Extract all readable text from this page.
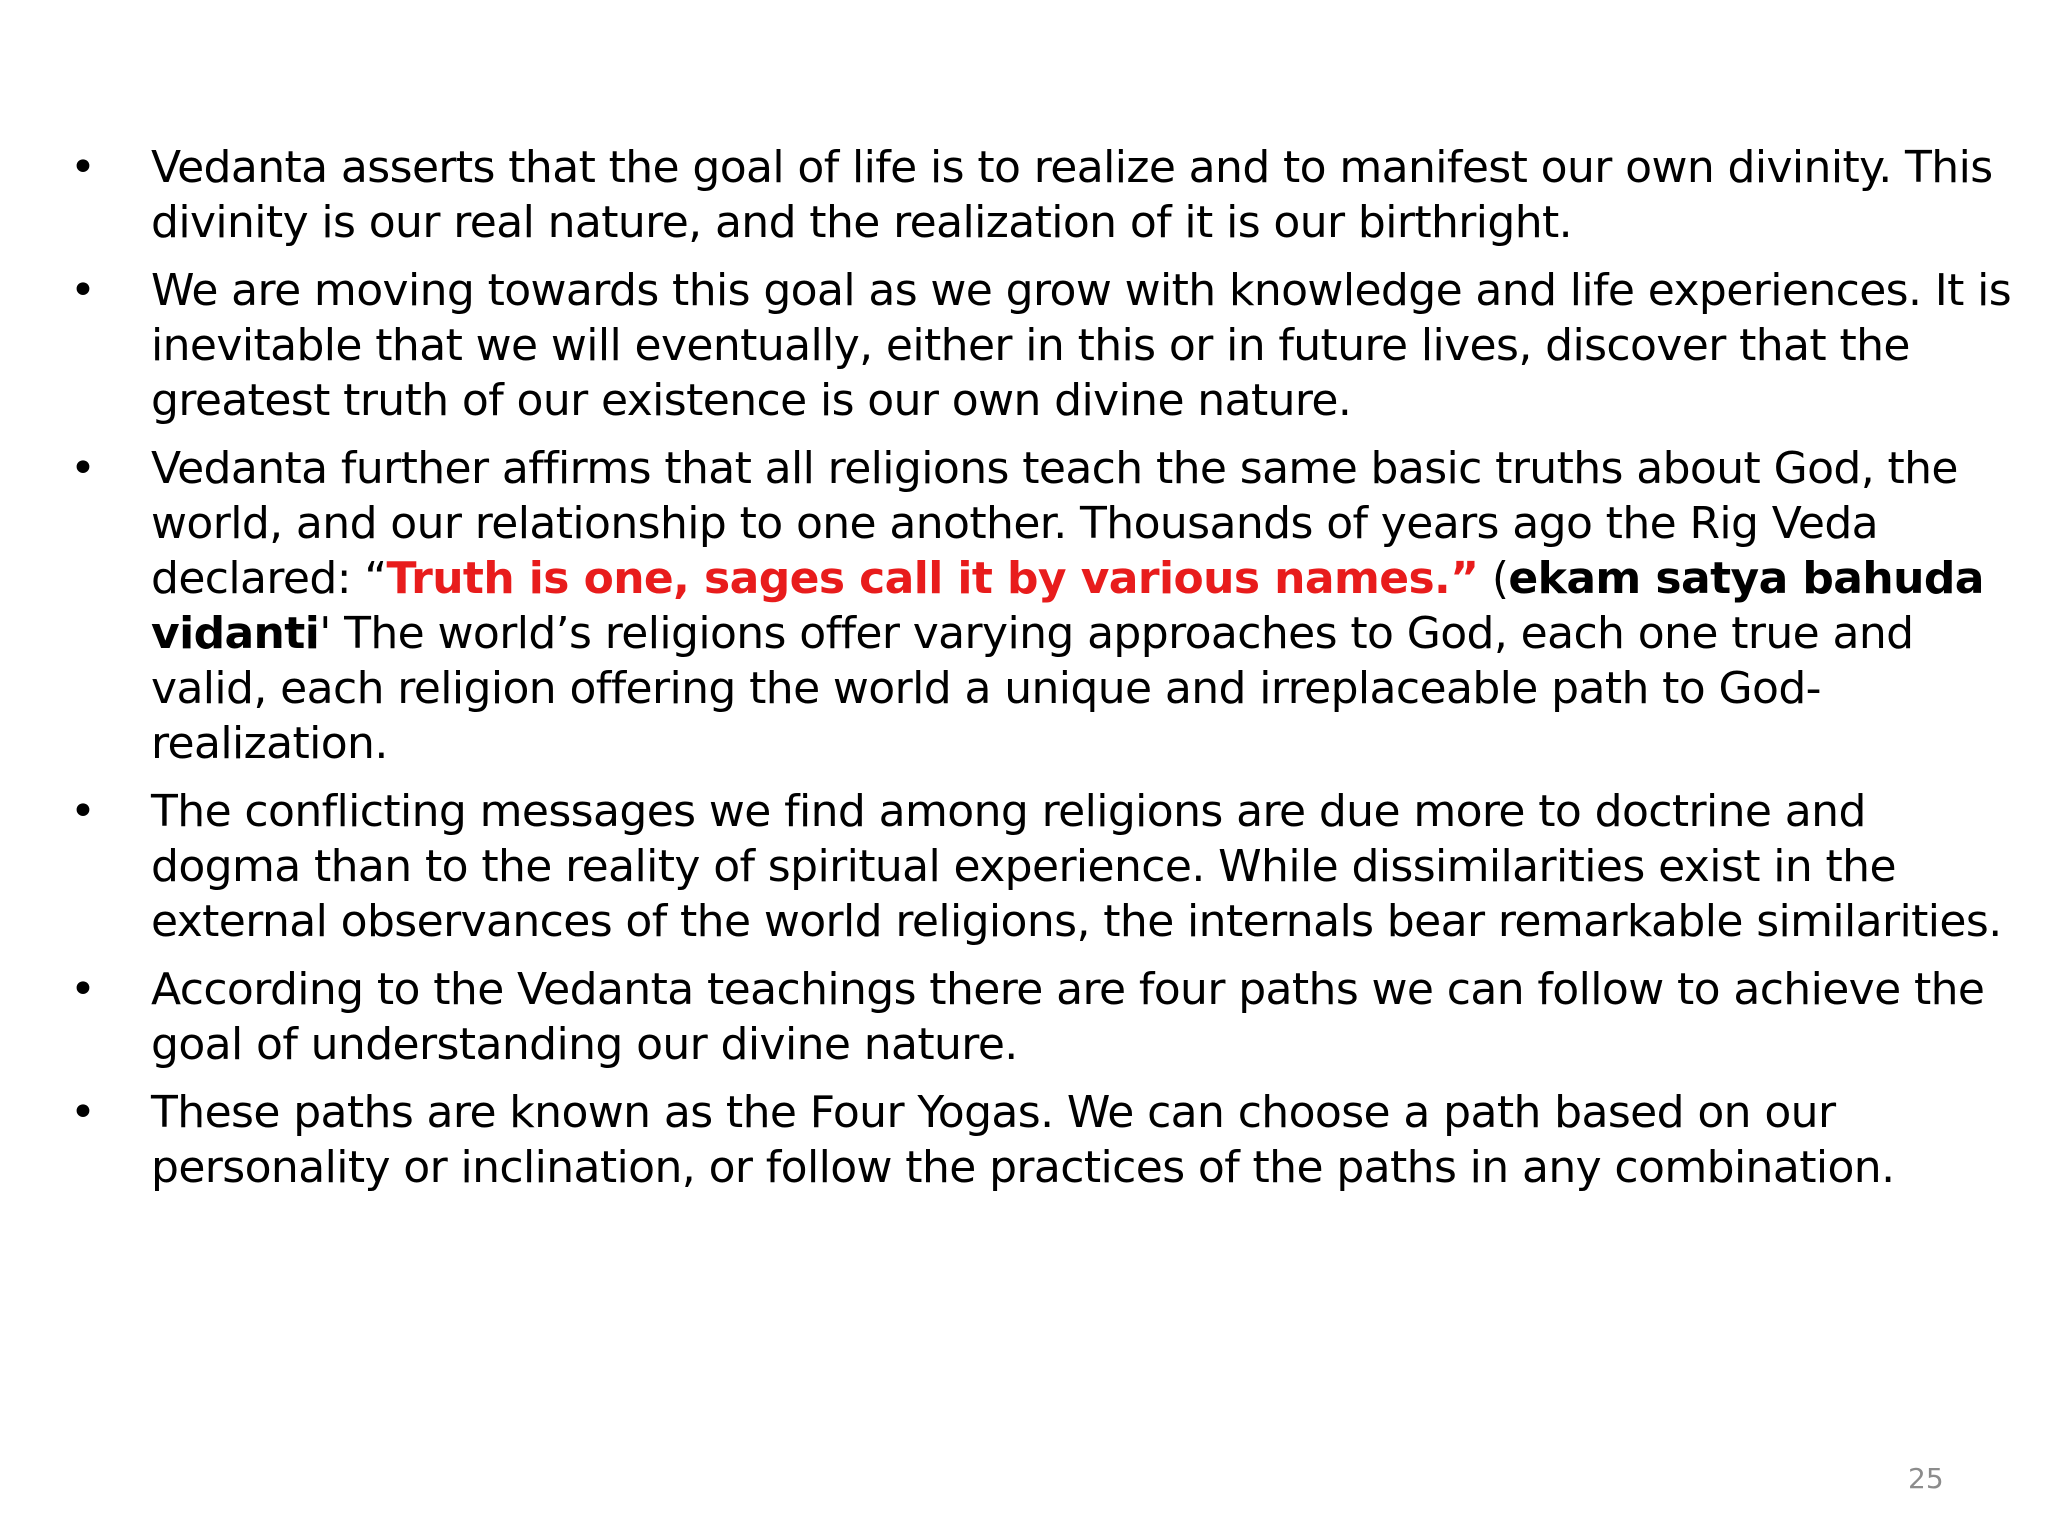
• Vedanta asserts that the goal of life is to realize and to manifest our own divinity. This divinity is our real nature, and the realization of it is our birthright.
• We are moving towards this goal as we grow with knowledge and life experiences. It is inevitable that we will eventually, either in this or in future lives, discover that the greatest truth of our existence is our own divine nature.
• Vedanta further affirms that all religions teach the same basic truths about God, the world, and our relationship to one another. Thousands of years ago the Rig Veda declared: “Truth is one, sages call it by various names.” (ekam satya bahuda vidanti' The world’s religions offer varying approaches to God, each one true and valid, each religion offering the world a unique and irreplaceable path to God-realization.
• The conflicting messages we find among religions are due more to doctrine and dogma than to the reality of spiritual experience. While dissimilarities exist in the external observances of the world religions, the internals bear remarkable similarities.
• According to the Vedanta teachings there are four paths we can follow to achieve the goal of understanding our divine nature.
• These paths are known as the Four Yogas. We can choose a path based on our personality or inclination, or follow the practices of the paths in any combination.
25
